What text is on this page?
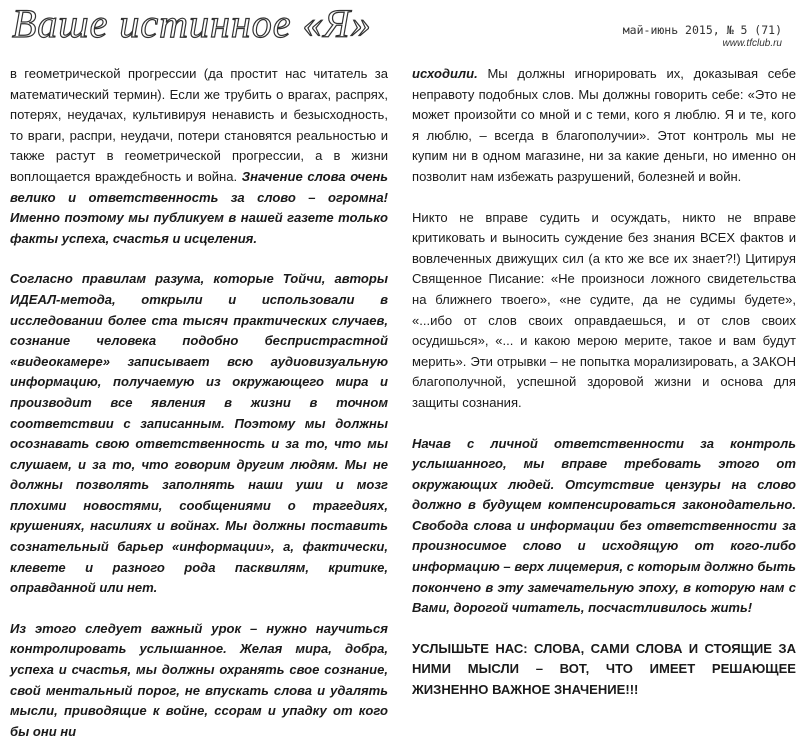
Ваше истинное «Я»	май-июнь 2015, № 5 (71)
www.tfclub.ru

в геометрической прогрессии (да простит нас читатель за математический термин). Если же трубить о врагах, распрях, потерях, неудачах, культивируя ненависть и безысходность, то враги, распри, неудачи, потери становятся реальностью и также растут в геометрической прогрессии, а в жизни воплощается враждебность и война. Значение слова очень велико и ответственность за слово – огромна! Именно поэтому мы публикуем в нашей газете только факты успеха, счастья и исцеления.

Согласно правилам разума, которые Тойчи, авторы ИДЕАЛ-метода, открыли и использовали в исследовании более ста тысяч практических случаев, сознание человека подобно беспристрастной «видеокамере» записывает всю аудиовизуальную информацию, получаемую из окружающего мира и производит все явления в жизни в точном соответствии с записанным. Поэтому мы должны осознавать свою ответственность и за то, что мы слушаем, и за то, что говорим другим людям. Мы не должны позволять заполнять наши уши и мозг плохими новостями, сообщениями о трагедиях, крушениях, насилиях и войнах. Мы должны поставить сознательный барьер «информации», а, фактически, клевете и разного рода пасквилям, критике, оправданной или нет.

Из этого следует важный урок – нужно научиться контролировать услышанное. Желая мира, добра, успеха и счастья, мы должны охранять свое сознание, свой ментальный порог, не впускать слова и удалять мысли, приводящие к войне, ссорам и упадку от кого бы они ни

исходили. Мы должны игнорировать их, доказывая себе неправоту подобных слов. Мы должны говорить себе: «Это не может произойти со мной и с теми, кого я люблю. Я и те, кого я люблю, – всегда в благополучии». Этот контроль мы не купим ни в одном магазине, ни за какие деньги, но именно он позволит нам избежать разрушений, болезней и войн.

Никто не вправе судить и осуждать, никто не вправе критиковать и выносить суждение без знания ВСЕХ фактов и вовлеченных движущих сил (а кто же все их знает?!) Цитируя Священное Писание: «Не произноси ложного свидетельства на ближнего твоего», «не судите, да не судимы будете», «...ибо от слов своих оправдаешься, и от слов своих осудишься», «... и какою мерою мерите, такое и вам будут мерить». Эти отрывки – не попытка морализировать, а ЗАКОН благополучной, успешной здоровой жизни и основа для защиты сознания.

Начав с личной ответственности за контроль услышанного, мы вправе требовать этого от окружающих людей. Отсутствие цензуры на слово должно в будущем компенсироваться законодательно. Свобода слова и информации без ответственности за произносимое слово и исходящую от кого-либо информацию – верх лицемерия, с которым должно быть покончено в эту замечательную эпоху, в которую нам с Вами, дорогой читатель, посчастливилось жить!

УСЛЫШЬТЕ НАС: СЛОВА, САМИ СЛОВА И СТОЯЩИЕ ЗА НИМИ МЫСЛИ – ВОТ, ЧТО ИМЕЕТ РЕШАЮЩЕЕ ЖИЗНЕННО ВАЖНОЕ ЗНАЧЕНИЕ!!!
